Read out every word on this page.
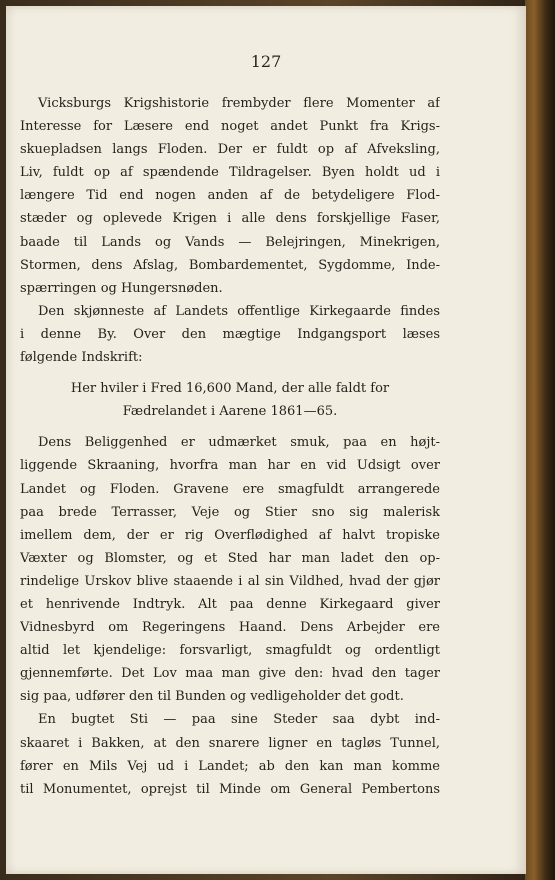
127
Vicksburgs Krigshistorie frembyder flere Momenter af
Interesse for Læsere end noget andet Punkt fra Krigs-
skuepladsen langs Floden. Der er fuldt op af Afveksling,
Liv, fuldt op af spændende Tildragelser. Byen holdt ud i
længere Tid end nogen anden af de betydeligere Flod-
stæder og oplevede Krigen i alle dens forskjellige Faser,
baade til Lands og Vands — Belejringen, Minekrigen,
Stormen, dens Afslag, Bombardementet, Sygdomme, Inde-
spærringen og Hungersnøden.
Den skjønneste af Landets offentlige Kirkegaarde findes
i denne By. Over den mægtige Indgangsport læses
følgende Indskrift:
Her hviler i Fred 16,600 Mand, der alle faldt for
Fædrelandet i Aarene 1861—65.
Dens Beliggenhed er udmærket smuk, paa en højt-
liggende Skraaning, hvorfra man har en vid Udsigt over
Landet og Floden. Gravene ere smagfuldt arrangerede
paa brede Terrasser, Veje og Stier sno sig malerisk
imellem dem, der er rig Overflødighed af halvt tropiske
Væxter og Blomster, og et Sted har man ladet den op-
rindelige Urskov blive staaende i al sin Vildhed, hvad der gjør
et henrivende Indtryk. Alt paa denne Kirkegaard giver
Vidnesbyrd om Regeringens Haand. Dens Arbejder ere
altid let kjendelige: forsvarligt, smagfuldt og ordentligt
gjennemførte. Det Lov maa man give den: hvad den tager
sig paa, udfører den til Bunden og vedligeholder det godt.
En bugtet Sti — paa sine Steder saa dybt ind-
skaaret i Bakken, at den snarere ligner en tagløs Tunnel,
fører en Mils Vej ud i Landet; ab den kan man komme
til Monumentet, oprejst til Minde om General Pembertons
